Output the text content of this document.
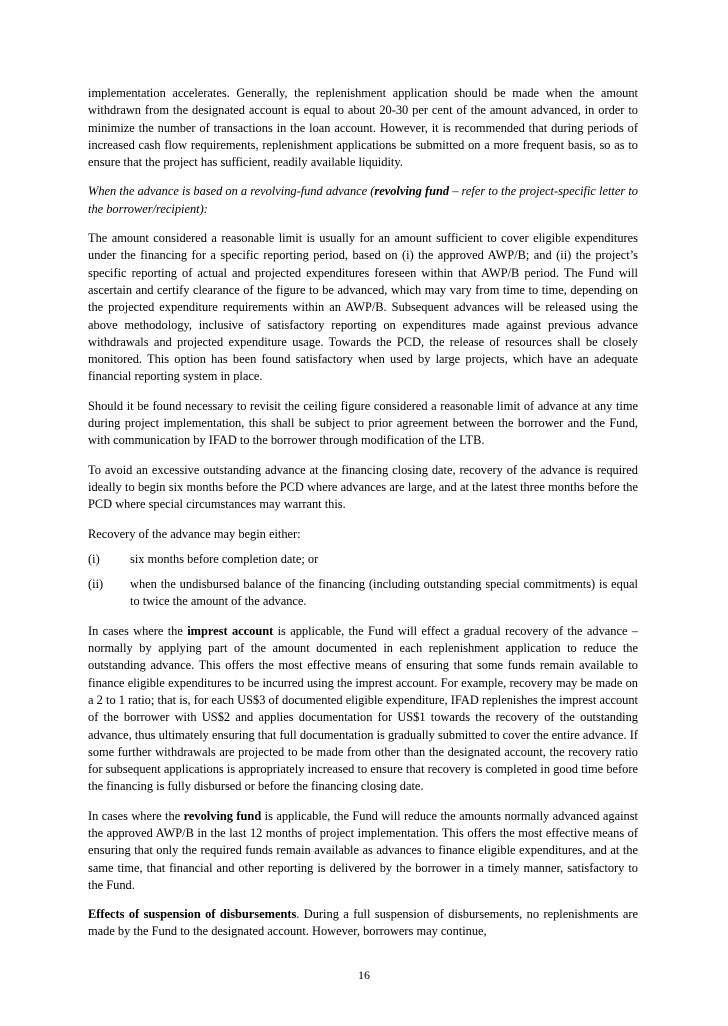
implementation accelerates. Generally, the replenishment application should be made when the amount withdrawn from the designated account is equal to about 20-30 per cent of the amount advanced, in order to minimize the number of transactions in the loan account. However, it is recommended that during periods of increased cash flow requirements, replenishment applications be submitted on a more frequent basis, so as to ensure that the project has sufficient, readily available liquidity.

When the advance is based on a revolving-fund advance (revolving fund – refer to the project-specific letter to the borrower/recipient):

The amount considered a reasonable limit is usually for an amount sufficient to cover eligible expenditures under the financing for a specific reporting period, based on (i) the approved AWP/B; and (ii) the project’s specific reporting of actual and projected expenditures foreseen within that AWP/B period. The Fund will ascertain and certify clearance of the figure to be advanced, which may vary from time to time, depending on the projected expenditure requirements within an AWP/B. Subsequent advances will be released using the above methodology, inclusive of satisfactory reporting on expenditures made against previous advance withdrawals and projected expenditure usage. Towards the PCD, the release of resources shall be closely monitored. This option has been found satisfactory when used by large projects, which have an adequate financial reporting system in place.

Should it be found necessary to revisit the ceiling figure considered a reasonable limit of advance at any time during project implementation, this shall be subject to prior agreement between the borrower and the Fund, with communication by IFAD to the borrower through modification of the LTB.

To avoid an excessive outstanding advance at the financing closing date, recovery of the advance is required ideally to begin six months before the PCD where advances are large, and at the latest three months before the PCD where special circumstances may warrant this.

Recovery of the advance may begin either:

(i)	six months before completion date; or
(ii)	when the undisbursed balance of the financing (including outstanding special commitments) is equal to twice the amount of the advance.

In cases where the imprest account is applicable, the Fund will effect a gradual recovery of the advance – normally by applying part of the amount documented in each replenishment application to reduce the outstanding advance. This offers the most effective means of ensuring that some funds remain available to finance eligible expenditures to be incurred using the imprest account. For example, recovery may be made on a 2 to 1 ratio; that is, for each US$3 of documented eligible expenditure, IFAD replenishes the imprest account of the borrower with US$2 and applies documentation for US$1 towards the recovery of the outstanding advance, thus ultimately ensuring that full documentation is gradually submitted to cover the entire advance. If some further withdrawals are projected to be made from other than the designated account, the recovery ratio for subsequent applications is appropriately increased to ensure that recovery is completed in good time before the financing is fully disbursed or before the financing closing date.

In cases where the revolving fund is applicable, the Fund will reduce the amounts normally advanced against the approved AWP/B in the last 12 months of project implementation. This offers the most effective means of ensuring that only the required funds remain available as advances to finance eligible expenditures, and at the same time, that financial and other reporting is delivered by the borrower in a timely manner, satisfactory to the Fund.

Effects of suspension of disbursements. During a full suspension of disbursements, no replenishments are made by the Fund to the designated account. However, borrowers may continue,

16
